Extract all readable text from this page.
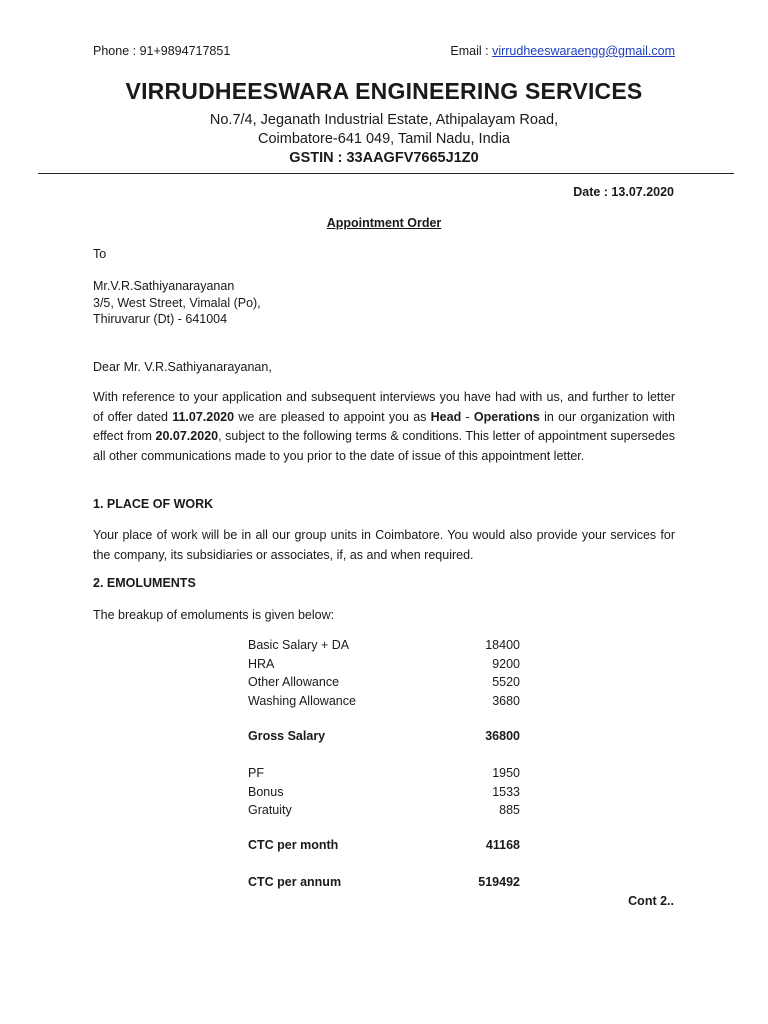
Phone : 91+9894717851	Email : virrudheeswaraengg@gmail.com
VIRRUDHEESWARA ENGINEERING SERVICES
No.7/4, Jeganath Industrial Estate, Athipalayam Road,
Coimbatore-641 049, Tamil Nadu, India
GSTIN : 33AAGFV7665J1Z0
Date : 13.07.2020
Appointment Order
To
Mr.V.R.Sathiyanarayanan
3/5, West Street, Vimalal (Po),
Thiruvarur (Dt) - 641004
Dear Mr. V.R.Sathiyanarayanan,
With reference to your application and subsequent interviews you have had with us, and further to letter of offer dated 11.07.2020 we are pleased to appoint you as Head - Operations in our organization with effect from 20.07.2020, subject to the following terms & conditions. This letter of appointment supersedes all other communications made to you prior to the date of issue of this appointment letter.
1. PLACE OF WORK
Your place of work will be in all our group units in Coimbatore. You would also provide your services for the company, its subsidiaries or associates, if, as and when required.
2. EMOLUMENTS
The breakup of emoluments is given below:
Basic Salary + DA	18400
HRA	9200
Other Allowance	5520
Washing Allowance	3680
Gross Salary	36800
PF	1950
Bonus	1533
Gratuity	885
CTC per month	41168
CTC per annum	519492
Cont 2..
